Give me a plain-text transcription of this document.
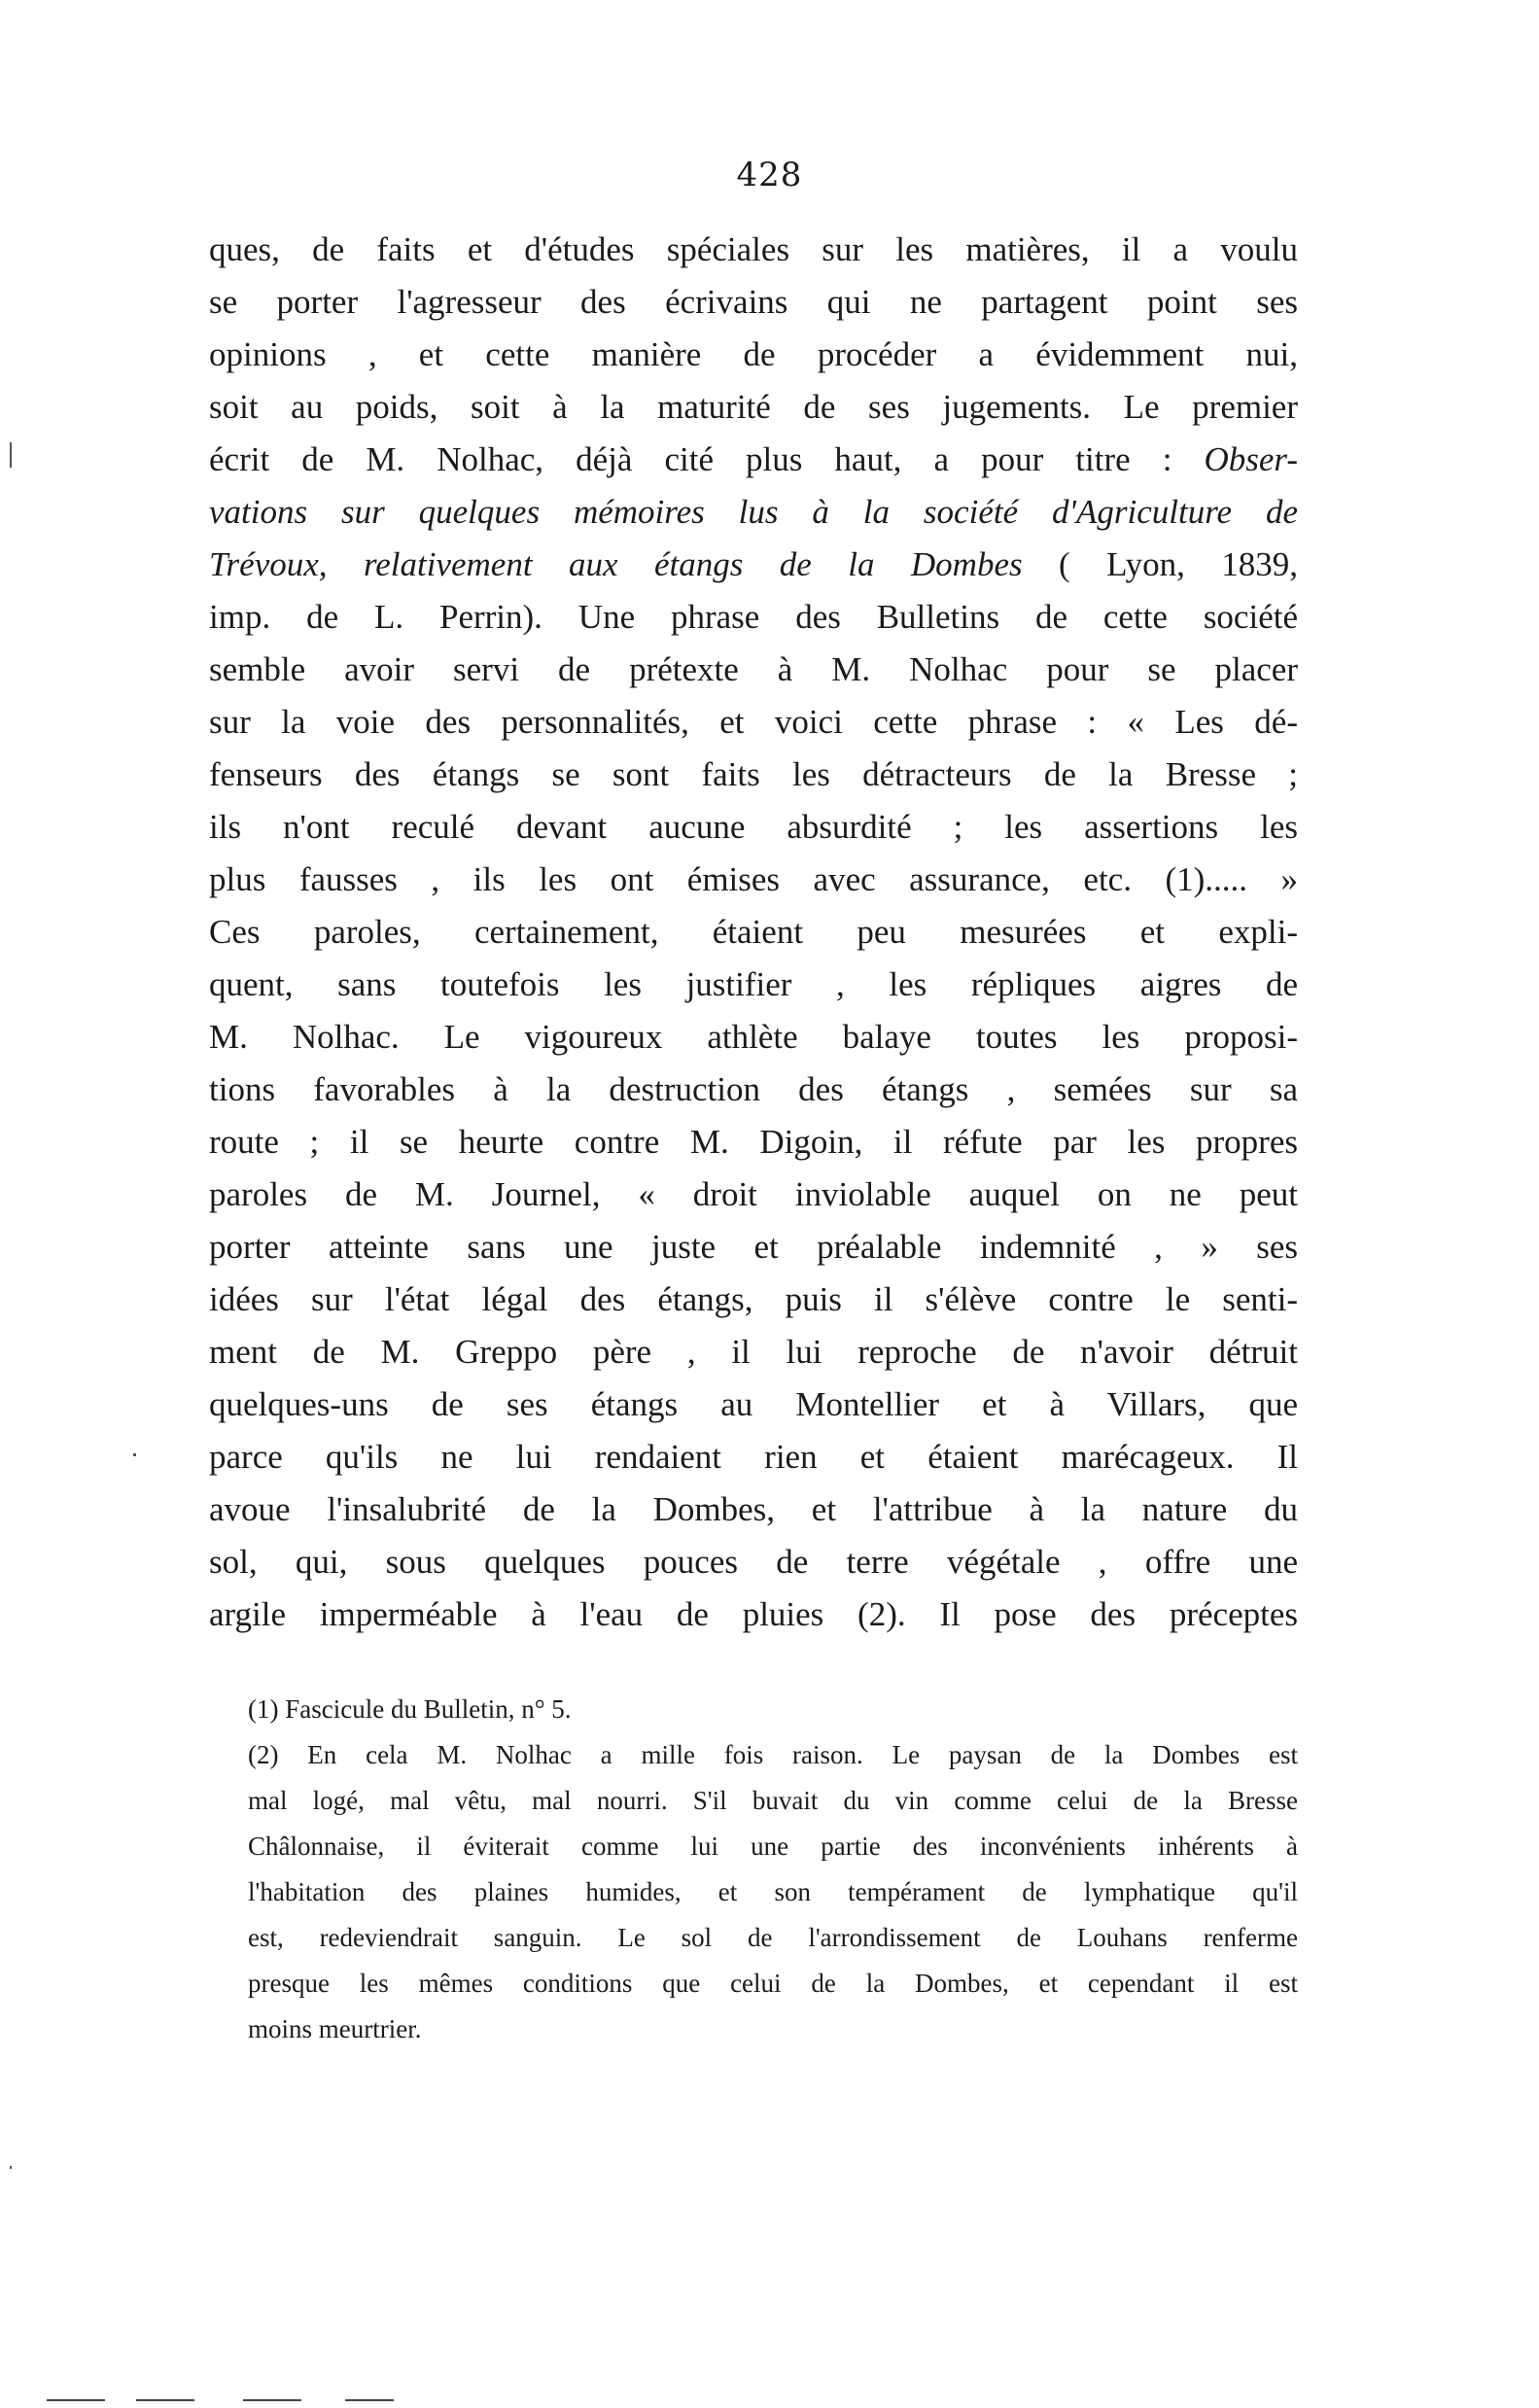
428
ques, de faits et d'études spéciales sur les matières, il a voulu
se porter l'agresseur des écrivains qui ne partagent point ses
opinions , et cette manière de procéder a évidemment nui,
soit au poids, soit à la maturité de ses jugements. Le premier
écrit de M. Nolhac, déjà cité plus haut, a pour titre : Obser-
vations sur quelques mémoires lus à la société d'Agriculture de
Trévoux, relativement aux étangs de la Dombes ( Lyon, 1839,
imp. de L. Perrin). Une phrase des Bulletins de cette société
semble avoir servi de prétexte à M. Nolhac pour se placer
sur la voie des personnalités, et voici cette phrase : « Les dé-
fenseurs des étangs se sont faits les détracteurs de la Bresse ;
ils n'ont reculé devant aucune absurdité ; les assertions les
plus fausses , ils les ont émises avec assurance, etc. (1)..... »
Ces paroles, certainement, étaient peu mesurées et expli-
quent, sans toutefois les justifier , les répliques aigres de
M. Nolhac. Le vigoureux athlète balaye toutes les proposi-
tions favorables à la destruction des étangs , semées sur sa
route ; il se heurte contre M. Digoin, il réfute par les propres
paroles de M. Journel, « droit inviolable auquel on ne peut
porter atteinte sans une juste et préalable indemnité , » ses
idées sur l'état légal des étangs, puis il s'élève contre le senti-
ment de M. Greppo père , il lui reproche de n'avoir détruit
quelques-uns de ses étangs au Montellier et à Villars, que
parce qu'ils ne lui rendaient rien et étaient marécageux. Il
avoue l'insalubrité de la Dombes, et l'attribue à la nature du
sol, qui, sous quelques pouces de terre végétale , offre une
argile imperméable à l'eau de pluies (2). Il pose des préceptes
(1) Fascicule du Bulletin, n° 5.
(2) En cela M. Nolhac a mille fois raison. Le paysan de la Dombes est
mal logé, mal vêtu, mal nourri. S'il buvait du vin comme celui de la Bresse
Châlonnaise, il éviterait comme lui une partie des inconvénients inhérents à
l'habitation des plaines humides, et son tempérament de lymphatique qu'il
est, redeviendrait sanguin. Le sol de l'arrondissement de Louhans renferme
presque les mêmes conditions que celui de la Dombes, et cependant il est
moins meurtrier.
